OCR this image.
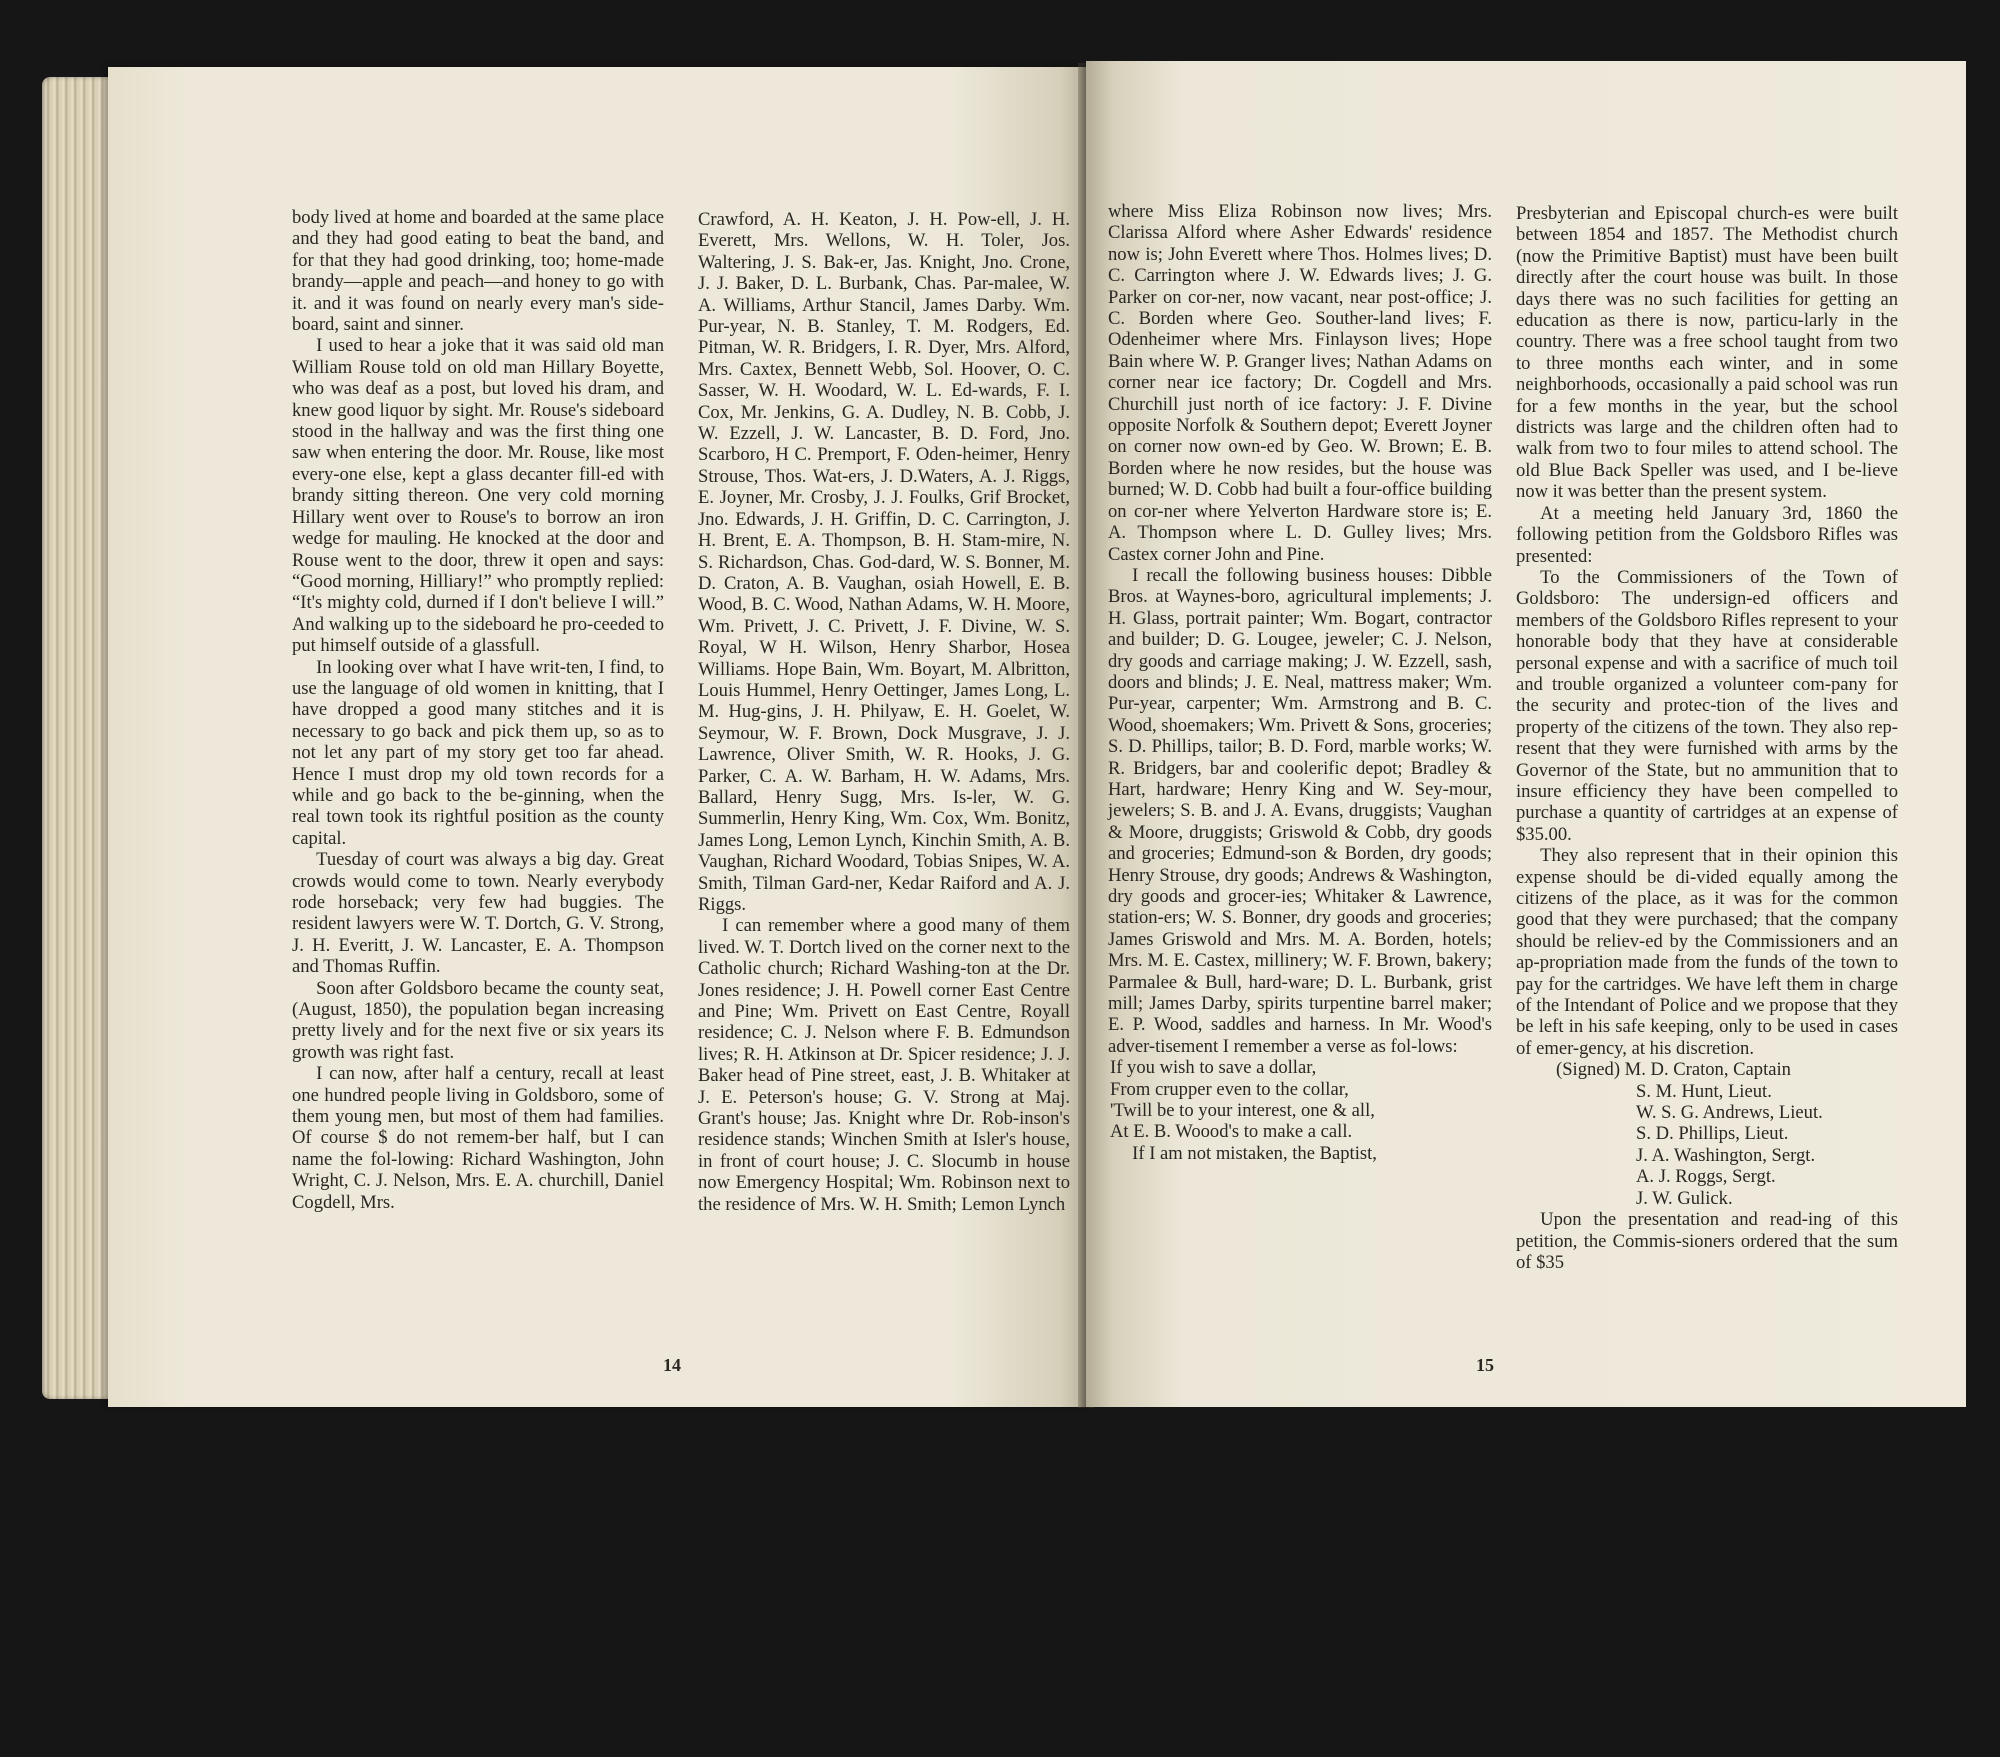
body lived at home and boarded at the same place and they had good eating to beat the band, and for that they had good drinking, too; home-made brandy—apple and peach—and honey to go with it. and it was found on nearly every man's side-board, saint and sinner.

I used to hear a joke that it was said old man William Rouse told on old man Hillary Boyette, who was deaf as a post, but loved his dram, and knew good liquor by sight. Mr. Rouse's sideboard stood in the hallway and was the first thing one saw when entering the door. Mr. Rouse, like most every-one else, kept a glass decanter fill-ed with brandy sitting thereon. One very cold morning Hillary went over to Rouse's to borrow an iron wedge for mauling. He knocked at the door and Rouse went to the door, threw it open and says: “Good morning, Hilliary!” who promptly replied: “It's mighty cold, durned if I don't believe I will.” And walking up to the sideboard he pro-ceeded to put himself outside of a glassfull.

In looking over what I have writ-ten, I find, to use the language of old women in knitting, that I have dropped a good many stitches and it is necessary to go back and pick them up, so as to not let any part of my story get too far ahead. Hence I must drop my old town records for a while and go back to the be-ginning, when the real town took its rightful position as the county capital.

Tuesday of court was always a big day. Great crowds would come to town. Nearly everybody rode horseback; very few had buggies. The resident lawyers were W. T. Dortch, G. V. Strong, J. H. Everitt, J. W. Lancaster, E. A. Thompson and Thomas Ruffin.

Soon after Goldsboro became the county seat, (August, 1850), the population began increasing pretty lively and for the next five or six years its growth was right fast.

I can now, after half a century, recall at least one hundred people living in Goldsboro, some of them young men, but most of them had families. Of course $ do not remem-ber half, but I can name the fol-lowing: Richard Washington, John Wright, C. J. Nelson, Mrs. E. A. churchill, Daniel Cogdell, Mrs.

Crawford, A. H. Keaton, J. H. Pow-ell, J. H. Everett, Mrs. Wellons, W. H. Toler, Jos. Waltering, J. S. Bak-er, Jas. Knight, Jno. Crone, J. J. Baker, D. L. Burbank, Chas. Par-malee, W. A. Williams, Arthur Stancil, James Darby. Wm. Pur-year, N. B. Stanley, T. M. Rodgers, Ed. Pitman, W. R. Bridgers, I. R. Dyer, Mrs. Alford, Mrs. Caxtex, Bennett Webb, Sol. Hoover, O. C. Sasser, W. H. Woodard, W. L. Ed-wards, F. I. Cox, Mr. Jenkins, G. A. Dudley, N. B. Cobb, J. W. Ezzell, J. W. Lancaster, B. D. Ford, Jno. Scarboro, H C. Premport, F. Oden-heimer, Henry Strouse, Thos. Wat-ers, J. D.Waters, A. J. Riggs, E. Joyner, Mr. Crosby, J. J. Foulks, Grif Brocket, Jno. Edwards, J. H. Griffin, D. C. Carrington, J. H. Brent, E. A. Thompson, B. H. Stam-mire, N. S. Richardson, Chas. God-dard, W. S. Bonner, M. D. Craton, A. B. Vaughan, osiah Howell, E. B. Wood, B. C. Wood, Nathan Adams, W. H. Moore, Wm. Privett, J. C. Privett, J. F. Divine, W. S. Royal, W H. Wilson, Henry Sharbor, Hosea Williams. Hope Bain, Wm. Boyart, M. Albritton, Louis Hummel, Henry Oettinger, James Long, L. M. Hug-gins, J. H. Philyaw, E. H. Goelet, W. Seymour, W. F. Brown, Dock Musgrave, J. J. Lawrence, Oliver Smith, W. R. Hooks, J. G. Parker, C. A. W. Barham, H. W. Adams, Mrs. Ballard, Henry Sugg, Mrs. Is-ler, W. G. Summerlin, Henry King, Wm. Cox, Wm. Bonitz, James Long, Lemon Lynch, Kinchin Smith, A. B. Vaughan, Richard Woodard, Tobias Snipes, W. A. Smith, Tilman Gard-ner, Kedar Raiford and A. J. Riggs.

I can remember where a good many of them lived. W. T. Dortch lived on the corner next to the Catholic church; Richard Washing-ton at the Dr. Jones residence; J. H. Powell corner East Centre and Pine; Wm. Privett on East Centre, Royall residence; C. J. Nelson where F. B. Edmundson lives; R. H. Atkinson at Dr. Spicer residence; J. J. Baker head of Pine street, east, J. B. Whitaker at J. E. Peterson's house; G. V. Strong at Maj. Grant's house; Jas. Knight whre Dr. Rob-inson's residence stands; Winchen Smith at Isler's house, in front of court house; J. C. Slocumb in house now Emergency Hospital; Wm. Robinson next to the residence of Mrs. W. H. Smith; Lemon Lynch

14

where Miss Eliza Robinson now lives; Mrs. Clarissa Alford where Asher Edwards' residence now is; John Everett where Thos. Holmes lives; D. C. Carrington where J. W. Edwards lives; J. G. Parker on cor-ner, now vacant, near post-office; J. C. Borden where Geo. Souther-land lives; F. Odenheimer where Mrs. Finlayson lives; Hope Bain where W. P. Granger lives; Nathan Adams on corner near ice factory; Dr. Cogdell and Mrs. Churchill just north of ice factory: J. F. Divine opposite Norfolk & Southern depot; Everett Joyner on corner now own-ed by Geo. W. Brown; E. B. Borden where he now resides, but the house was burned; W. D. Cobb had built a four-office building on cor-ner where Yelverton Hardware store is; E. A. Thompson where L. D. Gulley lives; Mrs. Castex corner John and Pine.

I recall the following business houses: Dibble Bros. at Waynes-boro, agricultural implements; J. H. Glass, portrait painter; Wm. Bogart, contractor and builder; D. G. Lougee, jeweler; C. J. Nelson, dry goods and carriage making; J. W. Ezzell, sash, doors and blinds; J. E. Neal, mattress maker; Wm. Pur-year, carpenter; Wm. Armstrong and B. C. Wood, shoemakers; Wm. Privett & Sons, groceries; S. D. Phillips, tailor; B. D. Ford, marble works; W. R. Bridgers, bar and coolerific depot; Bradley & Hart, hardware; Henry King and W. Sey-mour, jewelers; S. B. and J. A. Evans, druggists; Vaughan & Moore, druggists; Griswold & Cobb, dry goods and groceries; Edmund-son & Borden, dry goods; Henry Strouse, dry goods; Andrews & Washington, dry goods and grocer-ies; Whitaker & Lawrence, station-ers; W. S. Bonner, dry goods and groceries; James Griswold and Mrs. M. A. Borden, hotels; Mrs. M. E. Castex, millinery; W. F. Brown, bakery; Parmalee & Bull, hard-ware; D. L. Burbank, grist mill; James Darby, spirits turpentine barrel maker; E. P. Wood, saddles and harness. In Mr. Wood's adver-tisement I remember a verse as fol-lows:

If you wish to save a dollar,

From crupper even to the collar,

'Twill be to your interest, one & all,

At E. B. Woood's to make a call.

If I am not mistaken, the Baptist,

Presbyterian and Episcopal church-es were built between 1854 and 1857. The Methodist church (now the Primitive Baptist) must have been built directly after the court house was built. In those days there was no such facilities for getting an education as there is now, particu-larly in the country. There was a free school taught from two to three months each winter, and in some neighborhoods, occasionally a paid school was run for a few months in the year, but the school districts was large and the children often had to walk from two to four miles to attend school. The old Blue Back Speller was used, and I be-lieve now it was better than the present system.

At a meeting held January 3rd, 1860 the following petition from the Goldsboro Rifles was presented:

To the Commissioners of the Town of Goldsboro: The undersign-ed officers and members of the Goldsboro Rifles represent to your honorable body that they have at considerable personal expense and with a sacrifice of much toil and trouble organized a volunteer com-pany for the security and protec-tion of the lives and property of the citizens of the town. They also rep-resent that they were furnished with arms by the Governor of the State, but no ammunition that to insure efficiency they have been compelled to purchase a quantity of cartridges at an expense of $35.00.

They also represent that in their opinion this expense should be di-vided equally among the citizens of the place, as it was for the common good that they were purchased; that the company should be reliev-ed by the Commissioners and an ap-propriation made from the funds of the town to pay for the cartridges. We have left them in charge of the Intendant of Police and we propose that they be left in his safe keeping, only to be used in cases of emer-gency, at his discretion.

(Signed) M. D. Craton, Captain

S. M. Hunt, Lieut.

W. S. G. Andrews, Lieut.

S. D. Phillips, Lieut.

J. A. Washington, Sergt.

A. J. Roggs, Sergt.

J. W. Gulick.

Upon the presentation and read-ing of this petition, the Commis-sioners ordered that the sum of $35

15
